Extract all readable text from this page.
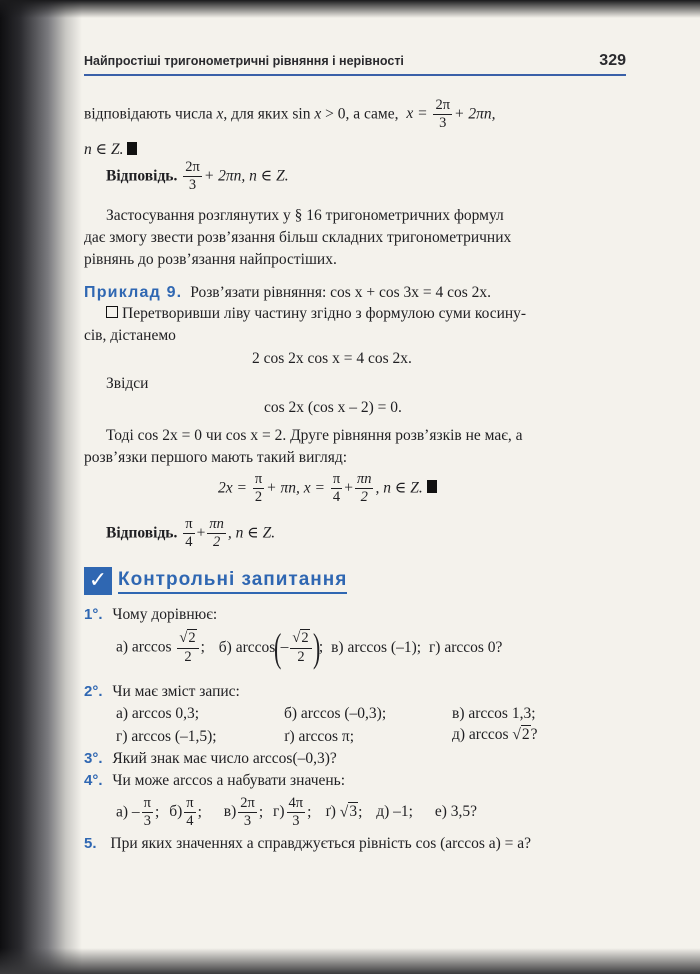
Найпростіші тригонометричні рівняння і нерівності	329
відповідають числа x, для яких sin x > 0, а саме, $x = \frac{2\pi}{3} + 2\pi n$,
n ∈ Z.
Відповідь. $\frac{2\pi}{3} + 2\pi n$, n ∈ Z.
Застосування розглянутих у § 16 тригонометричних формул
дає змогу звести розв’язання більш складних тригонометричних
рівнянь до розв’язання найпростіших.
Приклад 9. Розв’язати рівняння: cos x + cos 3x = 4 cos 2x.
Перетворивши ліву частину згідно з формулою суми косину-
сів, дістанемо
2 cos 2x cos x = 4 cos 2x.
Звідси
cos 2x (cos x – 2) = 0.
Тоді cos 2x = 0 чи cos x = 2. Друге рівняння розв’язків не має, а
розв’язки першого мають такий вигляд:
$2x = \frac{\pi}{2} + \pi n$, $x = \frac{\pi}{4} + \frac{\pi n}{2}$ , n ∈ Z.
Відповідь. $\frac{\pi}{4} + \frac{\pi n}{2}$ , n ∈ Z.
✓ Контрольні запитання
1°. Чому дорівнює:
а) $\arccos \frac{√2}{2}$ ; б) $\arccos(- \frac{√2}{2}$ ); в) arccos (–1); г) arccos 0?
2°. Чи має зміст запис:
а) arccos 0,3;	б) arccos (–0,3);	в) arccos 1,3;
г) arccos (–1,5);	ґ) arccos π;	д) arccos √2?
3°. Який знак має число arccos(–0,3)?
4°. Чи може arccos a набувати значень:
$а) - \frac{\pi}{3}$ ; $б) \frac{\pi}{4}$ ; $в) \frac{2\pi}{3}$ ; $г) \frac{4\pi}{3}$ ; ґ) √3; д) –1; е) 3,5?
5. При яких значеннях a справджується рівність cos (arccos a) = a?
